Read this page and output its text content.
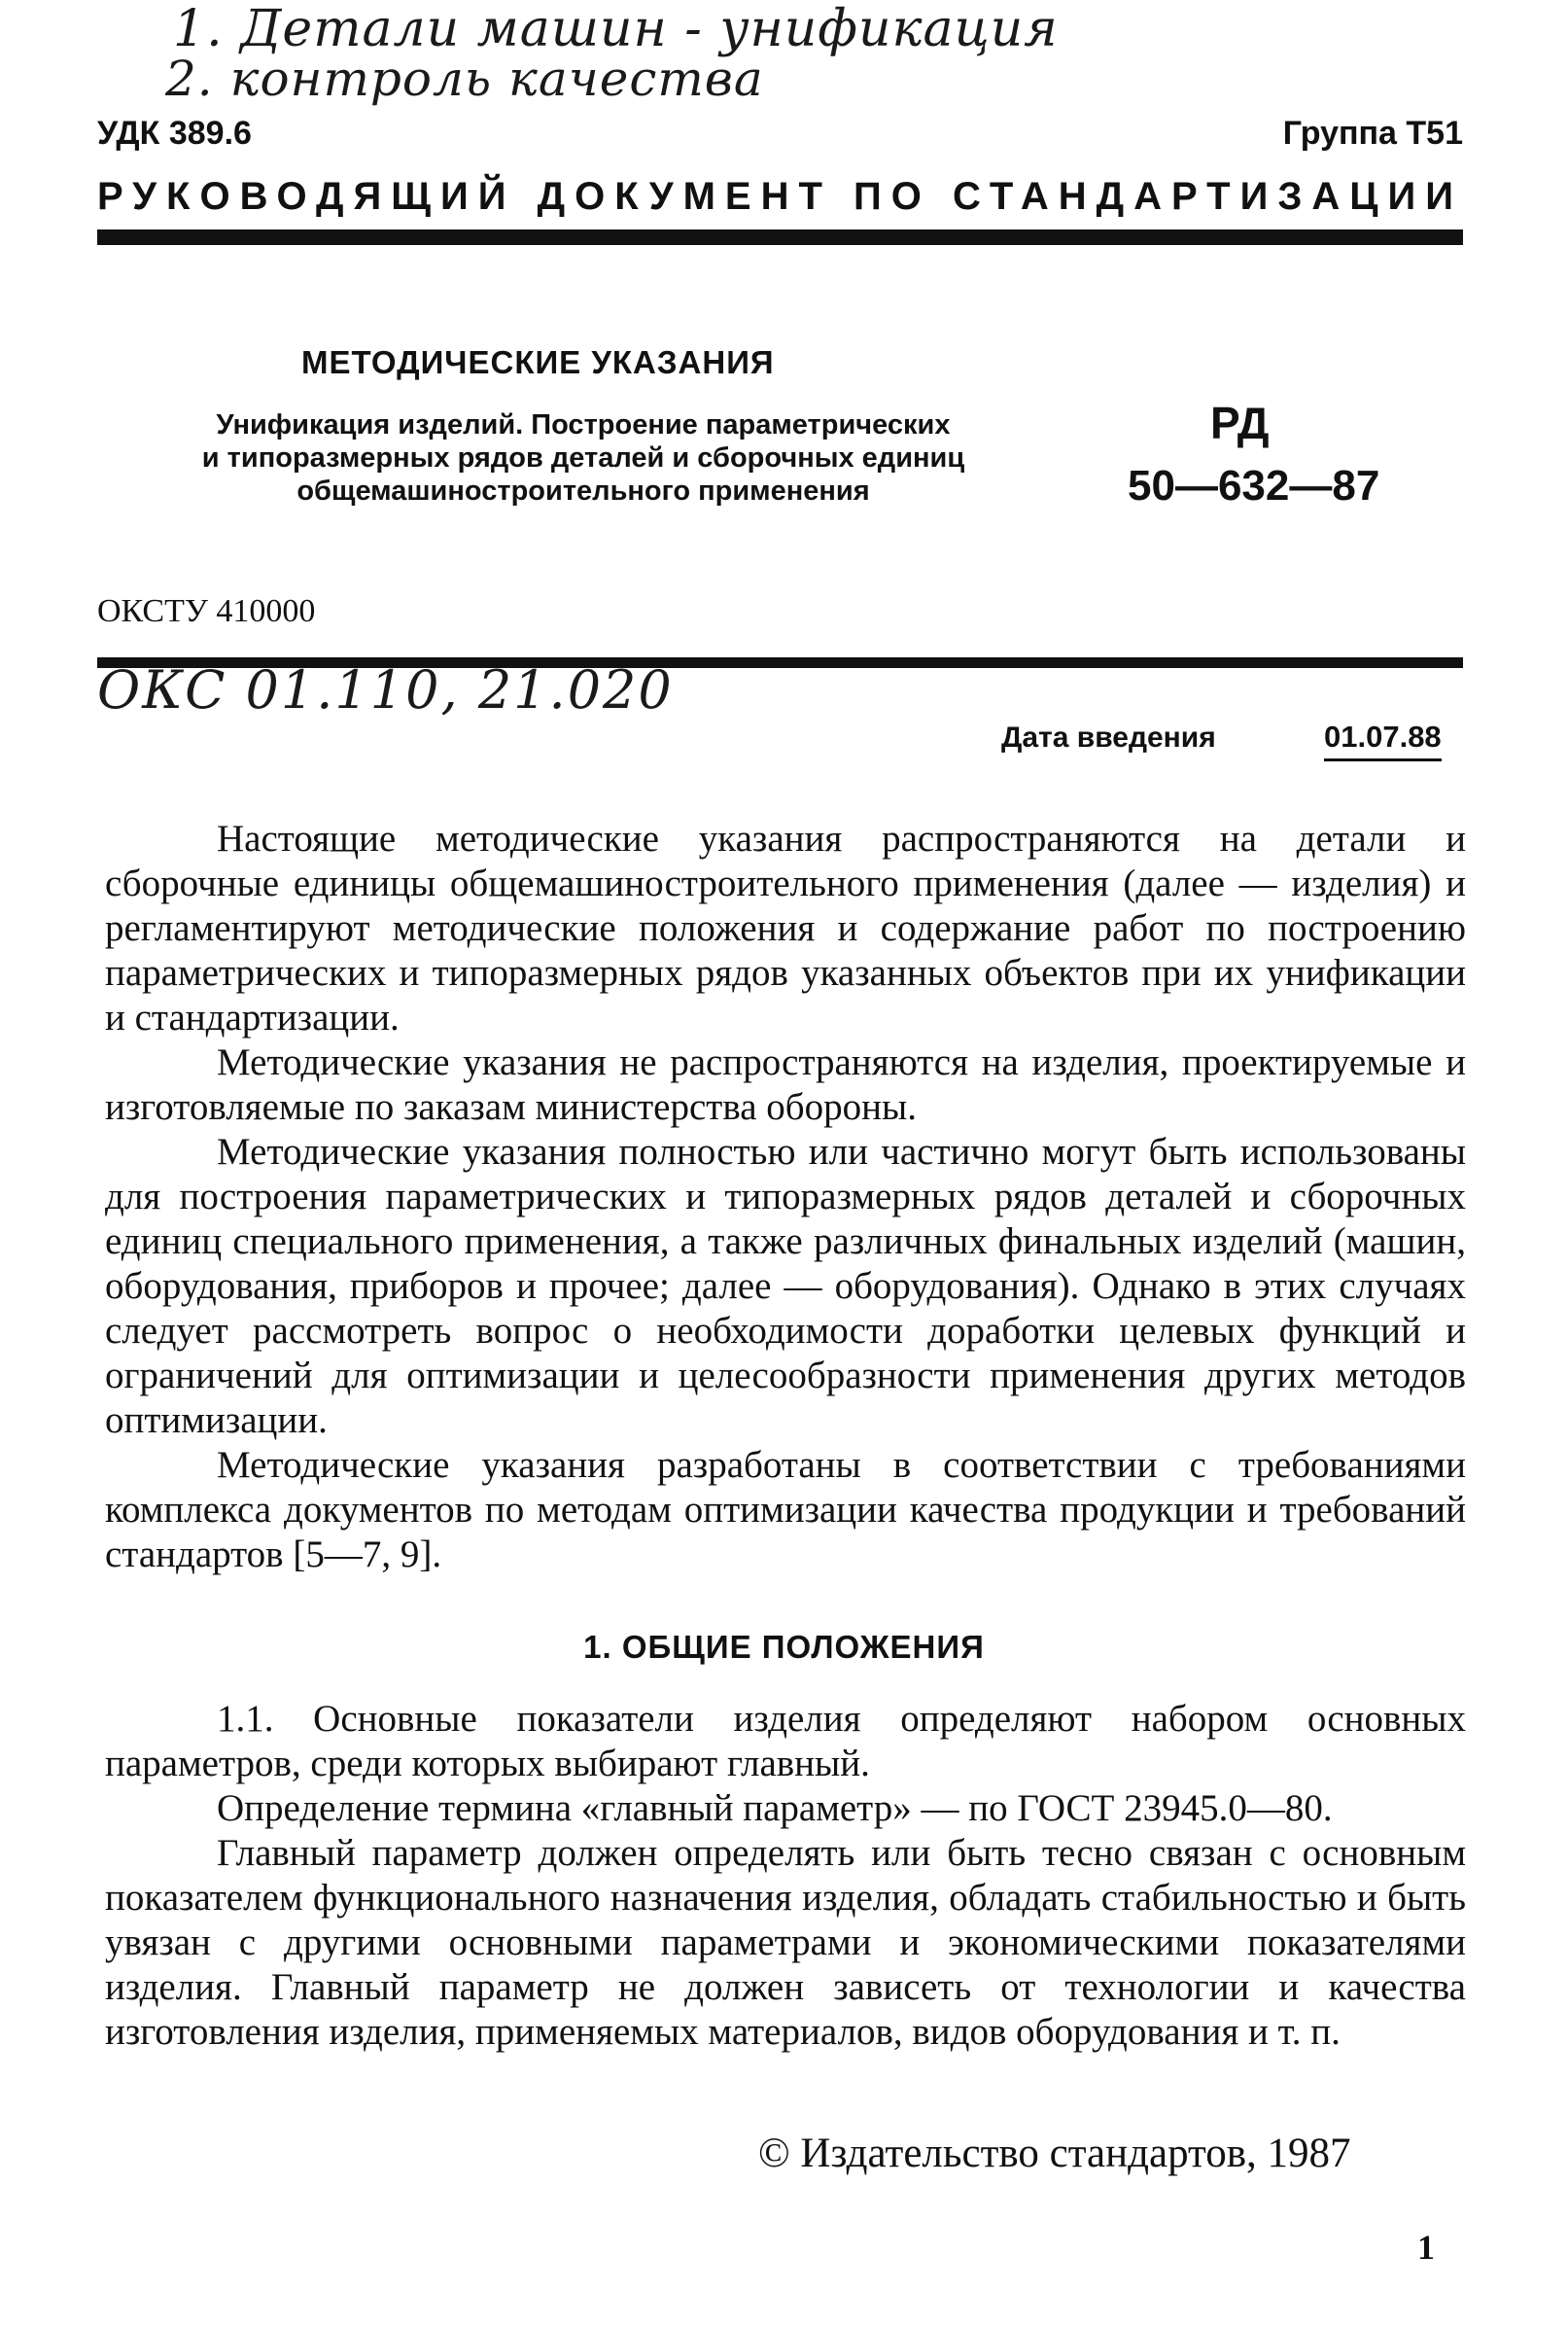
1. Детали машин - унификация
2. контроль качества
УДК 389.6	Группа Т51
РУКОВОДЯЩИЙ ДОКУМЕНТ ПО СТАНДАРТИЗАЦИИ
МЕТОДИЧЕСКИЕ УКАЗАНИЯ
Унификация изделий. Построение параметрических
и типоразмерных рядов деталей и сборочных единиц
общемашиностроительного применения
РД
50—632—87
ОКСТУ 410000
ОКС 01.110, 21.020
Дата введения	01.07.88

Настоящие методические указания распространяются на детали и сборочные единицы общемашиностроительного применения (далее — изделия) и регламентируют методические положения и содержание работ по построению параметрических и типоразмерных рядов указанных объектов при их унификации и стандартизации.

Методические указания не распространяются на изделия, проектируемые и изготовляемые по заказам министерства обороны.

Методические указания полностью или частично могут быть использованы для построения параметрических и типоразмерных рядов деталей и сборочных единиц специального применения, а также различных финальных изделий (машин, оборудования, приборов и прочее; далее — оборудования). Однако в этих случаях следует рассмотреть вопрос о необходимости доработки целевых функций и ограничений для оптимизации и целесообразности применения других методов оптимизации.

Методические указания разработаны в соответствии с требованиями комплекса документов по методам оптимизации качества продукции и требований стандартов [5—7, 9].

1. ОБЩИЕ ПОЛОЖЕНИЯ

1.1. Основные показатели изделия определяют набором основных параметров, среди которых выбирают главный.

Определение термина «главный параметр» — по ГОСТ 23945.0—80.

Главный параметр должен определять или быть тесно связан с основным показателем функционального назначения изделия, обладать стабильностью и быть увязан с другими основными параметрами и экономическими показателями изделия. Главный параметр не должен зависеть от технологии и качества изготовления изделия, применяемых материалов, видов оборудования и т. п.

© Издательство стандартов, 1987
1
